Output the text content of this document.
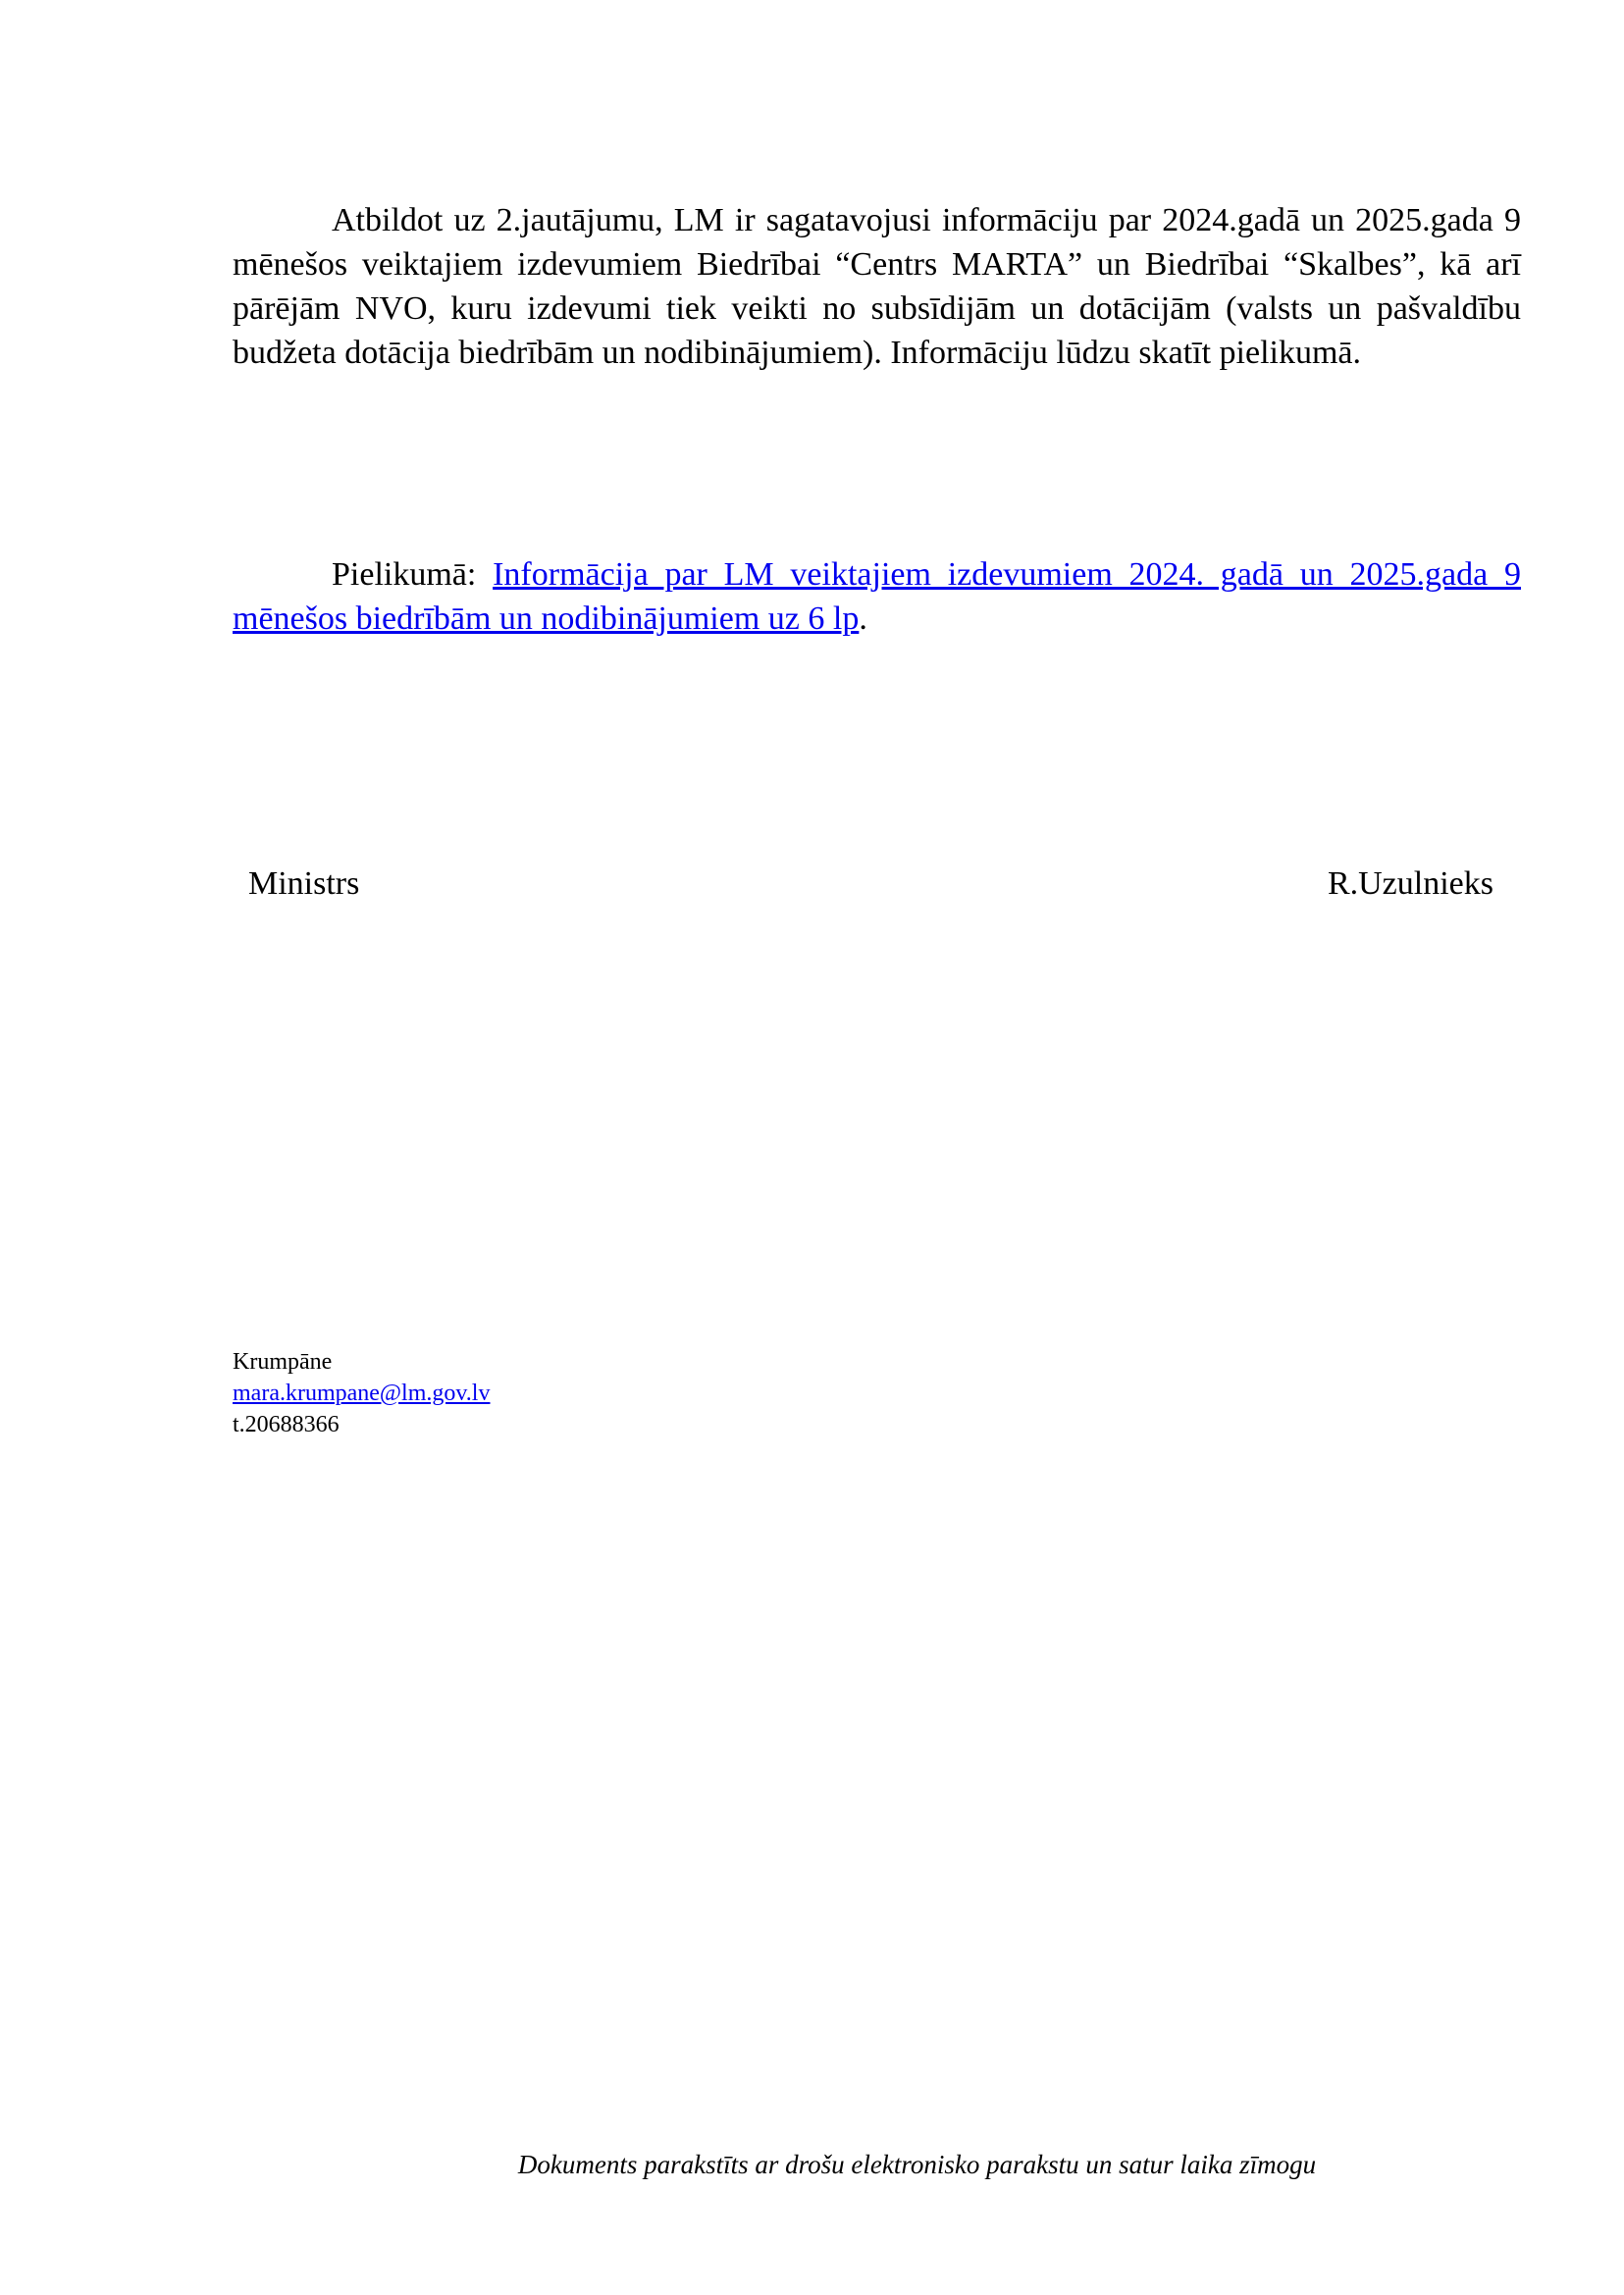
Atbildot uz 2.jautājumu, LM ir sagatavojusi informāciju par 2024.gadā un 2025.gada 9 mēnešos veiktajiem izdevumiem Biedrībai “Centrs MARTA” un Biedrībai “Skalbes”, kā arī pārējām NVO, kuru izdevumi tiek veikti no subsīdijām un dotācijām (valsts un pašvaldību budžeta dotācija biedrībām un nodibinājumiem). Informāciju lūdzu skatīt pielikumā.

Pielikumā: Informācija par LM veiktajiem izdevumiem 2024. gadā un 2025.gada 9 mēnešos biedrībām un nodibinājumiem uz 6 lp.

Ministrs	R.Uzulnieks
Krumpāne
mara.krumpane@lm.gov.lv
t.20688366
Dokuments parakstīts ar drošu elektronisko parakstu un satur laika zīmogu
